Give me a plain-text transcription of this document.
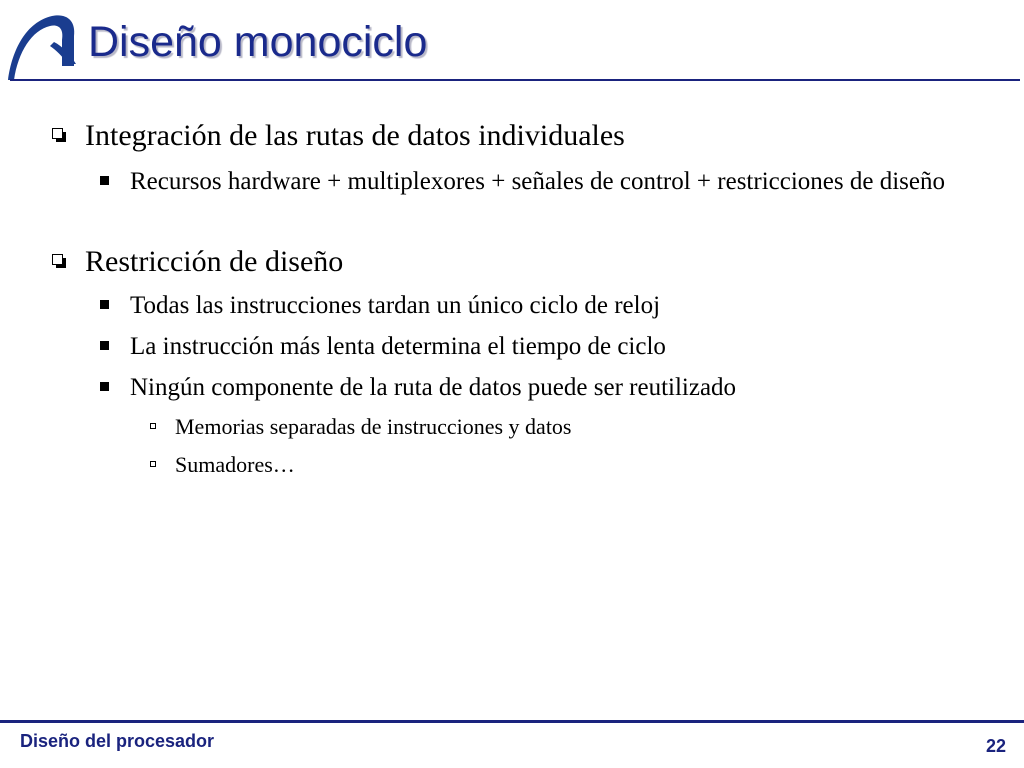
Diseño monociclo
Integración de las rutas de datos individuales
Recursos hardware + multiplexores + señales de control + restricciones de diseño
Restricción de diseño
Todas las instrucciones tardan un único ciclo de reloj
La instrucción más lenta determina el tiempo de ciclo
Ningún componente de la ruta de datos puede ser reutilizado
Memorias separadas de instrucciones y datos
Sumadores…
Diseño del procesador	22
